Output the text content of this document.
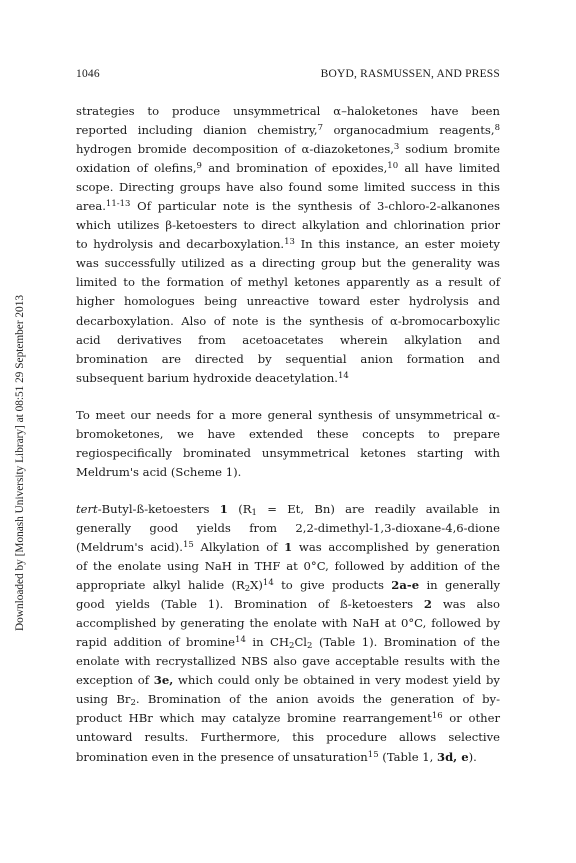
1046	BOYD, RASMUSSEN, AND PRESS
Downloaded by [Monash University Library] at 08:51 29 September 2013

strategies to produce unsymmetrical α–haloketones have been
reported including dianion chemistry,$^7$ organocadmium reagents,$^8$
hydrogen bromide decomposition of α-diazoketones,$^3$ sodium bromite
oxidation of olefins,$^9$ and bromination of epoxides,$^{10}$ all have limited
scope. Directing groups have also found some limited success in this
area.$^{11-13}$ Of particular note is the synthesis of 3-chloro-2-alkanones
which utilizes β-ketoesters to direct alkylation and chlorination prior
to hydrolysis and decarboxylation.$^{13}$ In this instance, an ester moiety
was successfully utilized as a directing group but the generality was
limited to the formation of methyl ketones apparently as a result of
higher homologues being unreactive toward ester hydrolysis and
decarboxylation. Also of note is the synthesis of α-bromocarboxylic
acid derivatives from acetoacetates wherein alkylation and
bromination are directed by sequential anion formation and
subsequent barium hydroxide deacetylation.$^{14}$

To meet our needs for a more general synthesis of unsymmetrical α-
bromoketones, we have extended these concepts to prepare
regiospecifically brominated unsymmetrical ketones starting with
Meldrum's acid (Scheme 1).

tert-Butyl-ß-ketoesters 1 ($R_1 = Et$, Bn) are readily available in
generally good yields from 2,2-dimethyl-1,3-dioxane-4,6-dione
(Meldrum's acid).$^{15}$ Alkylation of 1 was accomplished by generation
of the enolate using NaH in THF at 0°C, followed by addition of the
appropriate alkyl halide $(R_2X)^{14}$ to give products 2a-e in generally
good yields (Table 1). Bromination of ß-ketoesters 2 was also
accomplished by generating the enolate with NaH at 0°C, followed by
rapid addition of bromine$^{14}$ in $CH_2Cl_2$ (Table 1). Bromination of the
enolate with recrystallized NBS also gave acceptable results with the
exception of 3e, which could only be obtained in very modest yield by
using $Br_2$. Bromination of the anion avoids the generation of by-
product HBr which may catalyze bromine rearrangement$^{16}$ or other
untoward results. Furthermore, this procedure allows selective
bromination even in the presence of unsaturation$^{15}$ (Table 1, 3d, e).
